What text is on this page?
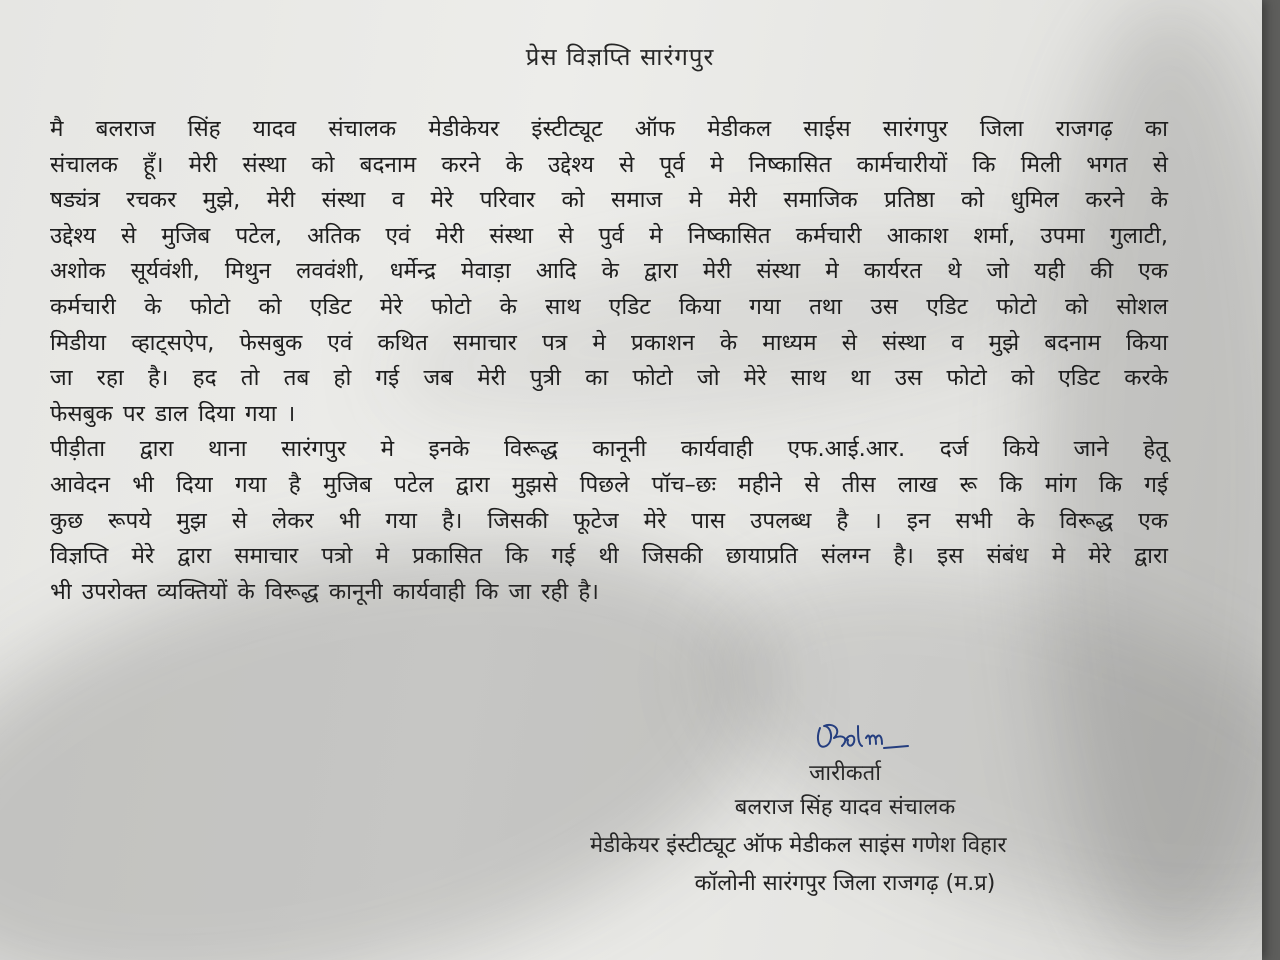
प्रेस विज्ञप्ति सारंगपुर
मै बलराज सिंह यादव संचालक मेडीकेयर इंस्टीट्यूट ऑफ मेडीकल साईस सारंगपुर जिला राजगढ़ का
संचालक हूँ। मेरी संस्था को बदनाम करने के उद्देश्य से पूर्व मे निष्कासित कार्मचारीयों कि मिली भगत से
षड्यंत्र रचकर मुझे, मेरी संस्था व मेरे परिवार को समाज मे मेरी समाजिक प्रतिष्ठा को धुमिल करने के
उद्देश्य से मुजिब पटेल, अतिक एवं मेरी संस्था से पुर्व मे निष्कासित कर्मचारी आकाश शर्मा, उपमा गुलाटी,
अशोक सूर्यवंशी, मिथुन लववंशी, धर्मेन्द्र मेवाड़ा आदि के द्वारा मेरी संस्था मे कार्यरत थे जो यही की एक
कर्मचारी के फोटो को एडिट मेरे फोटो के साथ एडिट किया गया तथा उस एडिट फोटो को सोशल
मिडीया व्हाट्सऐप, फेसबुक एवं कथित समाचार पत्र मे प्रकाशन के माध्यम से संस्था व मुझे बदनाम किया
जा रहा है। हद तो तब हो गई जब मेरी पुत्री का फोटो जो मेरे साथ था उस फोटो को एडिट करके
फेसबुक पर डाल दिया गया ।
पीड़ीता द्वारा थाना सारंगपुर मे इनके विरूद्ध कानूनी कार्यवाही एफ.आई.आर. दर्ज किये जाने हेतू
आवेदन भी दिया गया है मुजिब पटेल द्वारा मुझसे पिछले पॉच–छः महीने से तीस लाख रू कि मांग कि गई
कुछ रूपये मुझ से लेकर भी गया है। जिसकी फूटेज मेरे पास उपलब्ध है । इन सभी के विरूद्ध एक
विज्ञप्ति मेरे द्वारा समाचार पत्रो मे प्रकासित कि गई थी जिसकी छायाप्रति संलग्न है। इस संबंध मे मेरे द्वारा
भी उपरोक्त व्यक्तियों के विरूद्ध कानूनी कार्यवाही कि जा रही है।
जारीकर्ता
बलराज सिंह यादव संचालक
मेडीकेयर इंस्टीट्यूट ऑफ मेडीकल साइंस गणेश विहार
कॉलोनी सारंगपुर जिला राजगढ़ (म.प्र)
